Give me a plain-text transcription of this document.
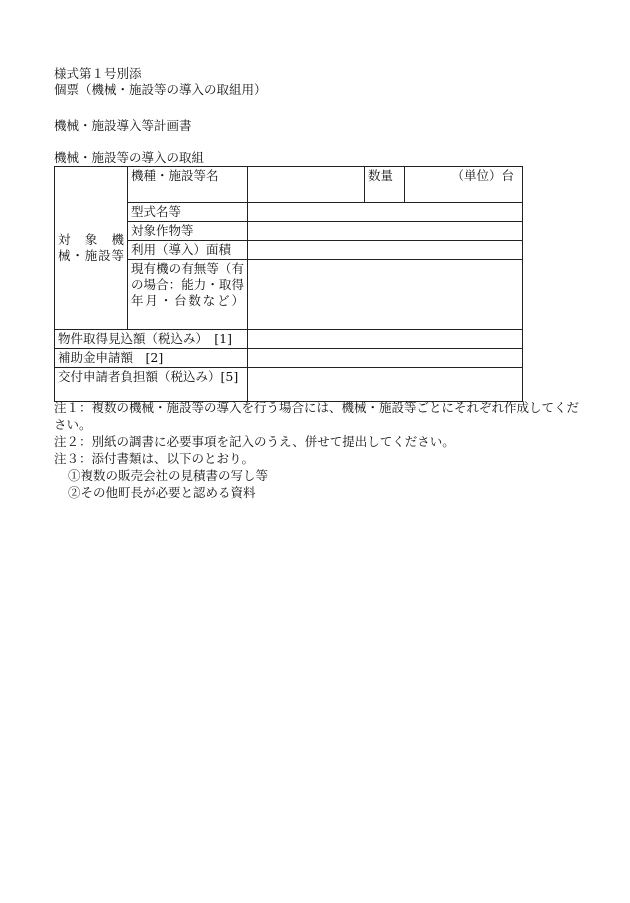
様式第１号別添
個票（機械・施設等の導入の取組用）
機械・施設導入等計画書
機械・施設等の導入の取組
対　象　機械・施設等	機種・施設等名		数量	（単位）台
	型式名等			
	対象作物等			
	利用（導入）面積			
	現有機の有無等（有の場合：能力・取得年月・台数など）			
物件取得見込額（税込み）　[1]				
補助金申請額　[2]				
交付申請者負担額（税込み）[5]				
注１：複数の機械・施設等の導入を行う場合には、機械・施設等ごとにそれぞれ作成してください。
注２：別紙の調書に必要事項を記入のうえ、併せて提出してください。
注３：添付書類は、以下のとおり。
①複数の販売会社の見積書の写し等
②その他町長が必要と認める資料
